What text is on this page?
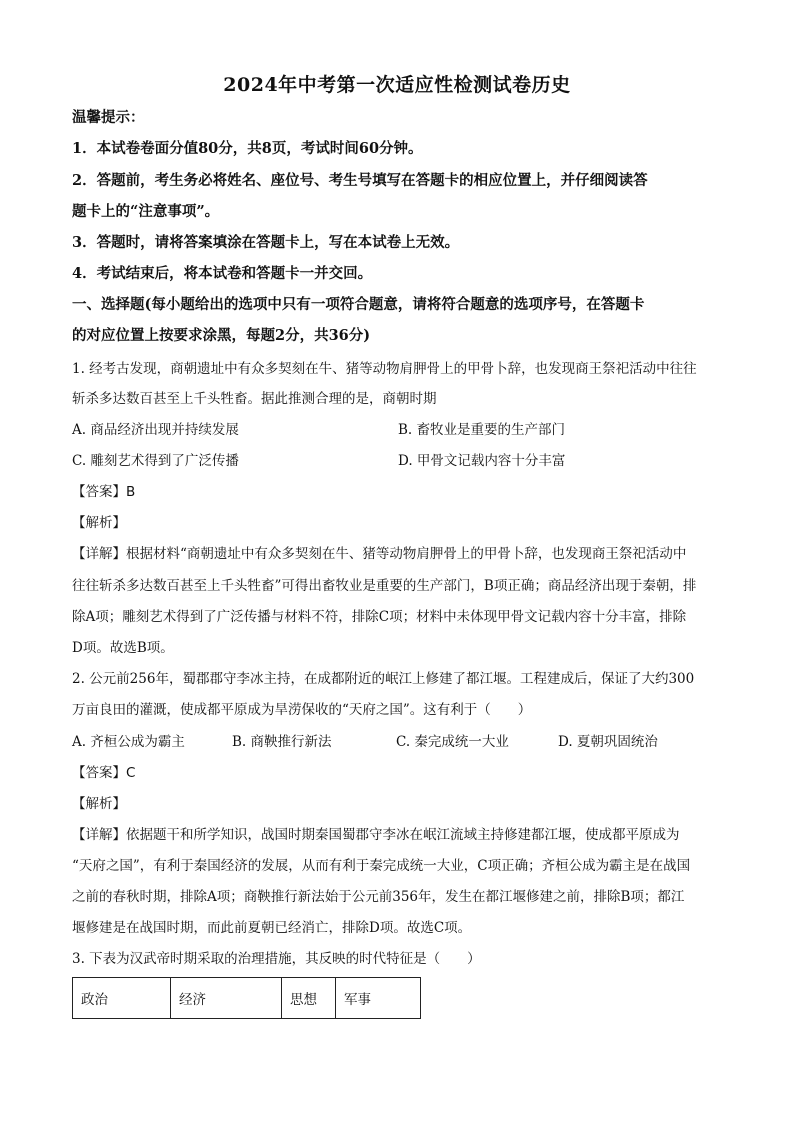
2024年中考第一次适应性检测试卷历史
温馨提示：
1．本试卷卷面分值80分，共8页，考试时间60分钟。
2．答题前，考生务必将姓名、座位号、考生号填写在答题卡的相应位置上，并仔细阅读答
题卡上的“注意事项”。
3．答题时，请将答案填涂在答题卡上，写在本试卷上无效。
4．考试结束后，将本试卷和答题卡一并交回。
一、选择题(每小题给出的选项中只有一项符合题意，请将符合题意的选项序号，在答题卡
的对应位置上按要求涂黑，每题2分，共36分)
1. 经考古发现，商朝遗址中有众多契刻在牛、猪等动物肩胛骨上的甲骨卜辞，也发现商王祭祀活动中往往
斩杀多达数百甚至上千头牲畜。据此推测合理的是，商朝时期
A. 商品经济出现并持续发展	B. 畜牧业是重要的生产部门
C. 雕刻艺术得到了广泛传播	D. 甲骨文记载内容十分丰富
【答案】B
【解析】
【详解】根据材料“商朝遗址中有众多契刻在牛、猪等动物肩胛骨上的甲骨卜辞，也发现商王祭祀活动中
往往斩杀多达数百甚至上千头牲畜”可得出畜牧业是重要的生产部门，B项正确；商品经济出现于秦朝，排
除A项；雕刻艺术得到了广泛传播与材料不符，排除C项；材料中未体现甲骨文记载内容十分丰富，排除
D项。故选B项。
2. 公元前256年，蜀郡郡守李冰主持，在成都附近的岷江上修建了都江堰。工程建成后，保证了大约300
万亩良田的灌溉，使成都平原成为旱涝保收的“天府之国”。这有利于（　　）
A. 齐桓公成为霸主	B. 商鞅推行新法	C. 秦完成统一大业	D. 夏朝巩固统治
【答案】C
【解析】
【详解】依据题干和所学知识，战国时期秦国蜀郡守李冰在岷江流域主持修建都江堰，使成都平原成为
“天府之国”，有利于秦国经济的发展，从而有利于秦完成统一大业，C项正确；齐桓公成为霸主是在战国
之前的春秋时期，排除A项；商鞅推行新法始于公元前356年，发生在都江堰修建之前，排除B项；都江
堰修建是在战国时期，而此前夏朝已经消亡，排除D项。故选C项。
3. 下表为汉武帝时期采取的治理措施，其反映的时代特征是（　　）
政治	经济	思想	军事
